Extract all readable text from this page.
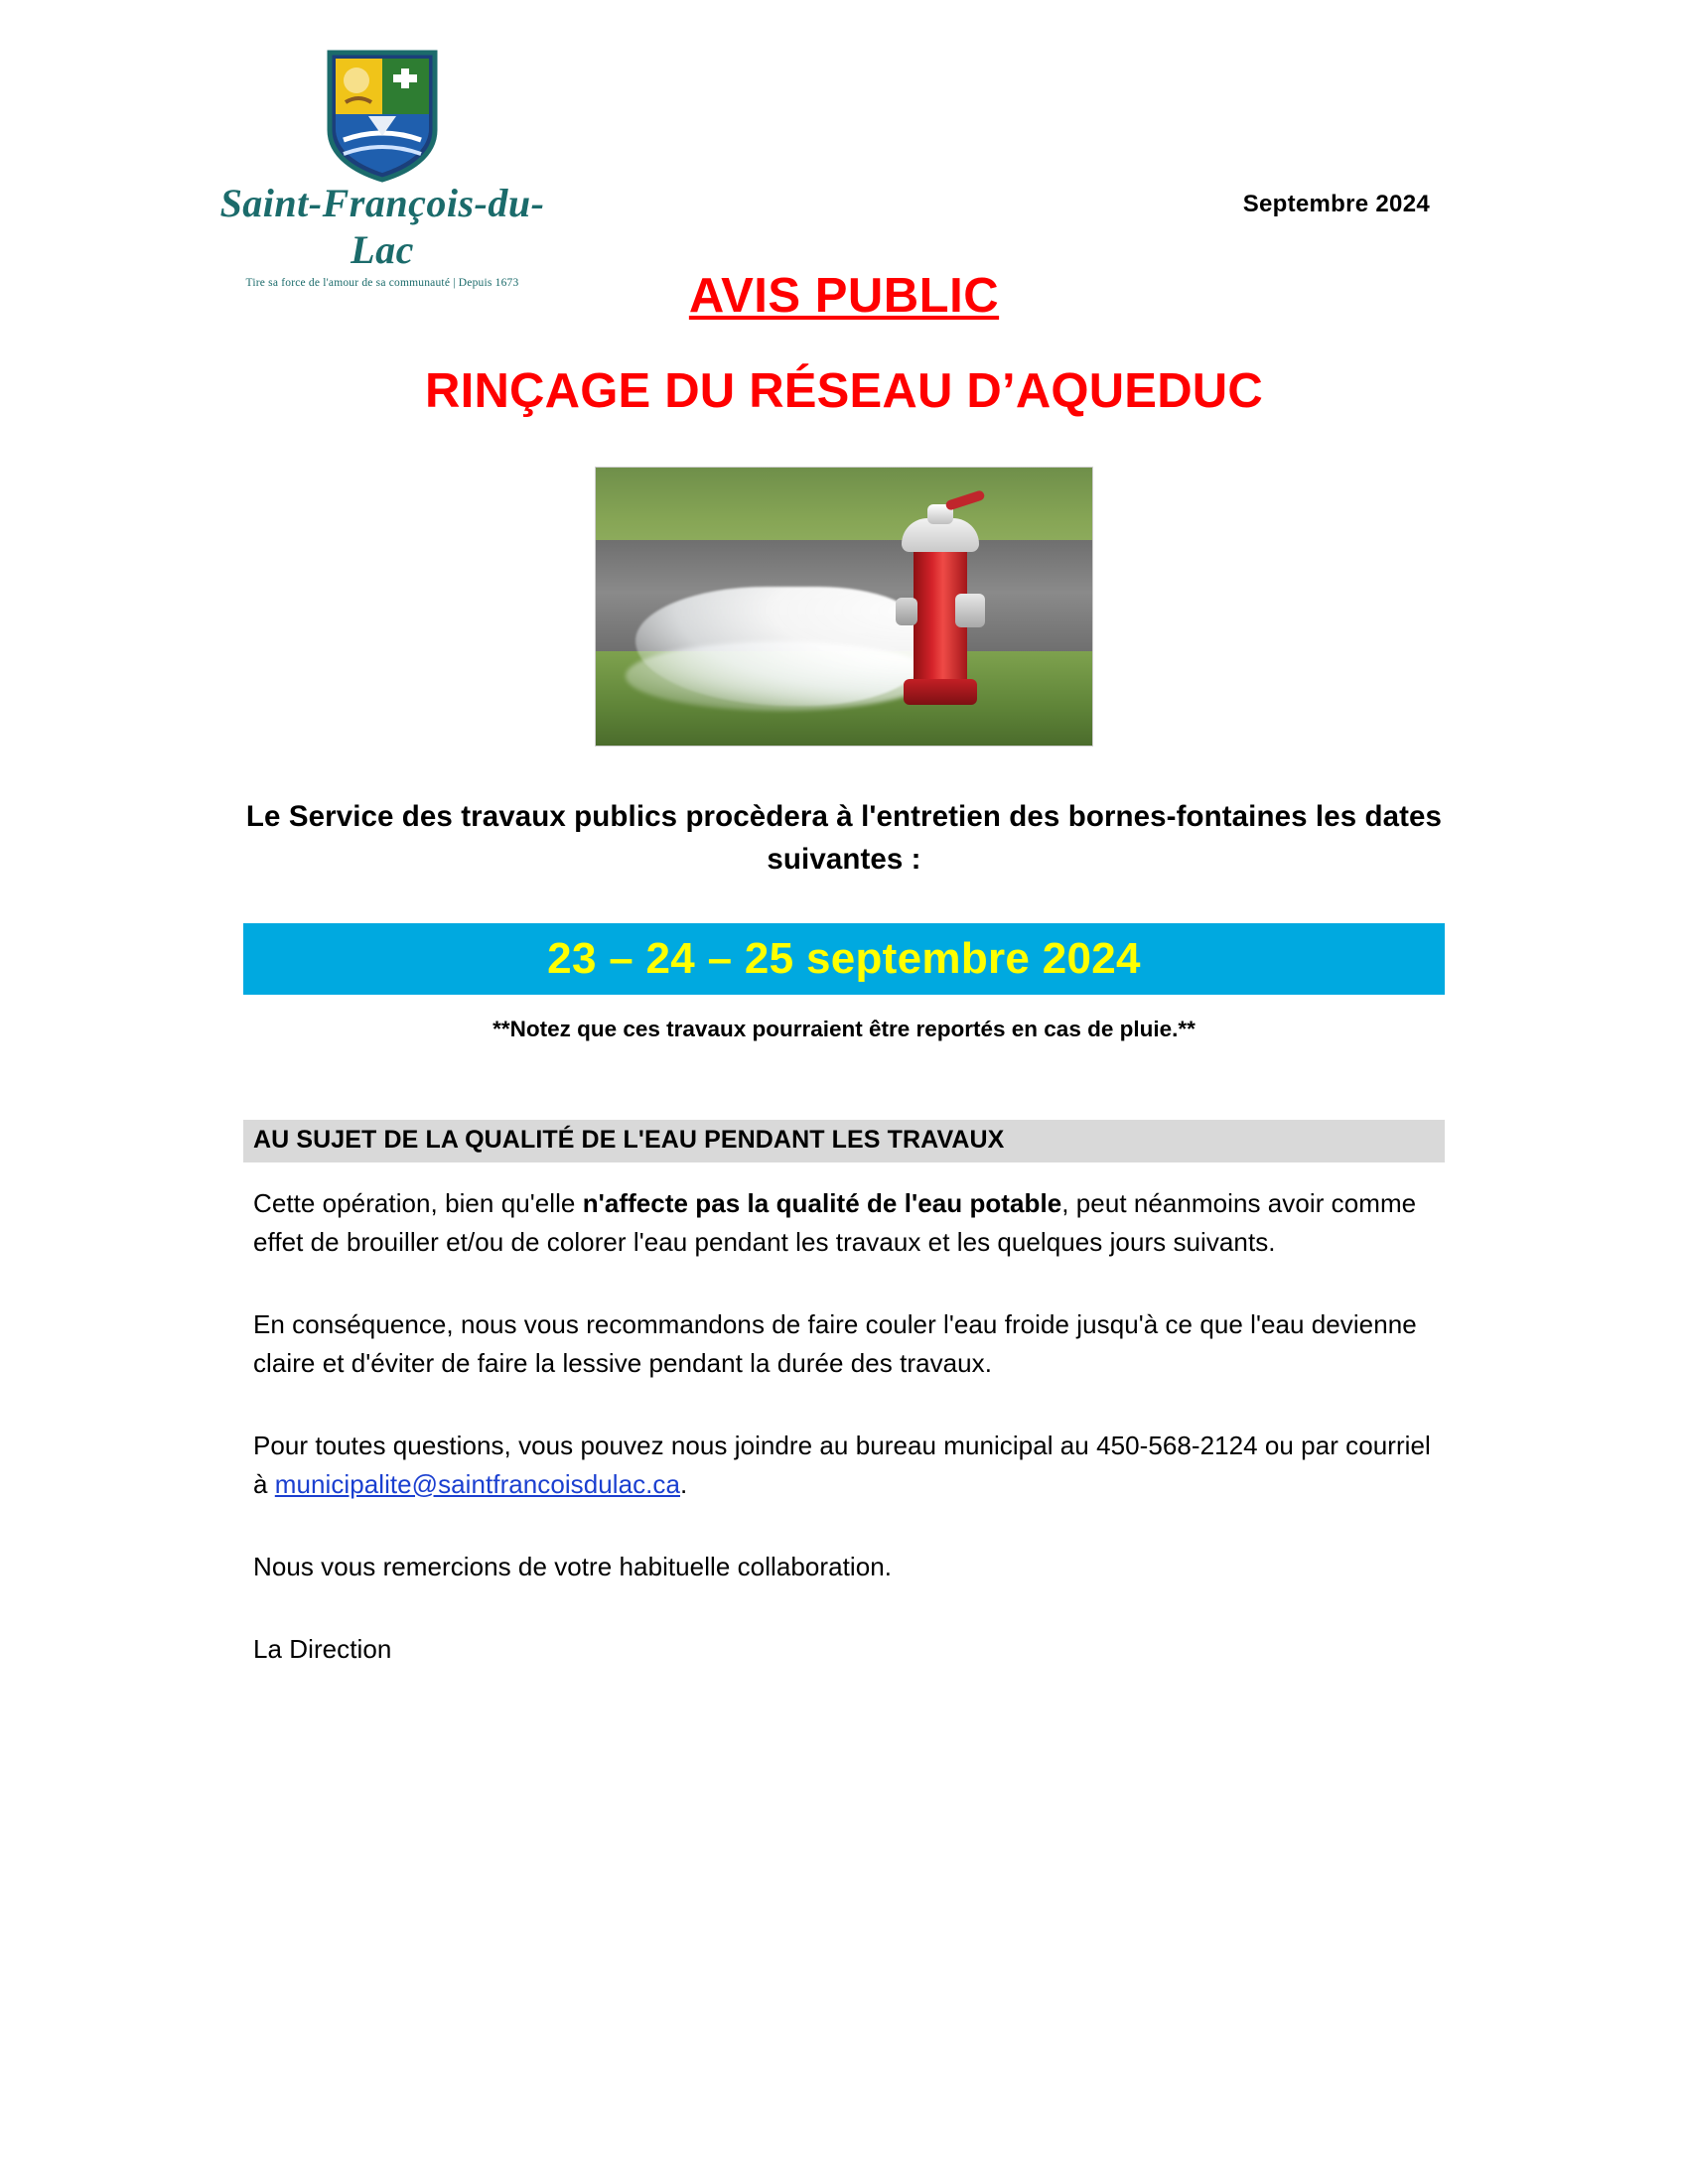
Saint-François-du-Lac
Tire sa force de l'amour de sa communauté | Depuis 1673
Septembre 2024
AVIS PUBLIC
RINÇAGE DU RÉSEAU D’AQUEDUC
Le Service des travaux publics procèdera à l'entretien des bornes-fontaines les dates suivantes :
23 – 24 – 25 septembre 2024
**Notez que ces travaux pourraient être reportés en cas de pluie.**
AU SUJET DE LA QUALITÉ DE L'EAU PENDANT LES TRAVAUX
Cette opération, bien qu'elle n'affecte pas la qualité de l'eau potable, peut néanmoins avoir comme effet de brouiller et/ou de colorer l'eau pendant les travaux et les quelques jours suivants.
En conséquence, nous vous recommandons de faire couler l'eau froide jusqu'à ce que l'eau devienne claire et d'éviter de faire la lessive pendant la durée des travaux.
Pour toutes questions, vous pouvez nous joindre au bureau municipal au 450-568-2124 ou par courriel à municipalite@saintfrancoisdulac.ca.
Nous vous remercions de votre habituelle collaboration.
La Direction
